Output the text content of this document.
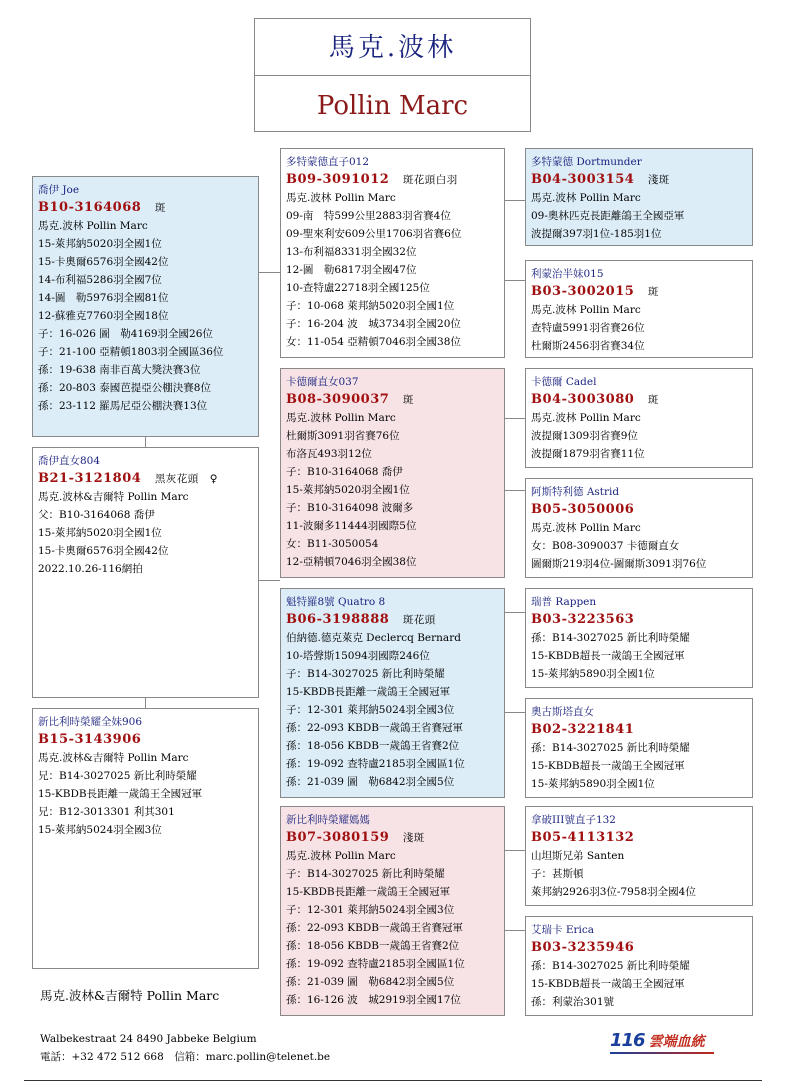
馬克.波林
Pollin Marc
喬伊 Joe
B10-3164068　 斑
馬克.波林 Pollin Marc
15-萊邦納5020羽全國1位
15-卡奧爾6576羽全國42位
14-布利福5286羽全國7位
14-圖　勒5976羽全國81位
12-蘇雅克7760羽全國18位
子：16-026 圖　勒4169羽全國26位
子：21-100 亞精頓1803羽全國區36位
孫：19-638 南非百萬大獎決賽3位
孫：20-803 泰國芭提亞公棚決賽8位
孫：23-112 羅馬尼亞公棚決賽13位
喬伊直女804
B21-3121804　 黑灰花頭　♀
馬克.波林&吉爾特 Pollin Marc
父：B10-3164068 喬伊
15-萊邦納5020羽全國1位
15-卡奧爾6576羽全國42位
2022.10.26-116網拍
新比利時榮耀全妹906
B15-3143906
馬克.波林&吉爾特 Pollin Marc
兄：B14-3027025 新比利時榮耀
15-KBDB長距離一歲鴿王全國冠軍
兄：B12-3013301 利其301
15-萊邦納5024羽全國3位
多特蒙德直子012
B09-3091012　 斑花頭白羽
馬克.波林 Pollin Marc
09-南　特599公里2883羽省賽4位
09-聖來利安609公里1706羽省賽6位
13-布利福8331羽全國32位
12-圖　勒6817羽全國47位
10-查特盧22718羽全國125位
子：10-068 萊邦納5020羽全國1位
子：16-204 波　城3734羽全國20位
女：11-054 亞精頓7046羽全國38位
卡德爾直女037
B08-3090037　 斑
馬克.波林 Pollin Marc
杜爾斯3091羽省賽76位
布洛瓦493羽12位
子：B10-3164068 喬伊
15-萊邦納5020羽全國1位
子：B10-3164098 波爾多
11-波爾多11444羽國際5位
女：B11-3050054
12-亞精頓7046羽全國38位
魁特羅8號 Quatro 8
B06-3198888　 斑花頭
伯納德.德克萊克 Declercq Bernard
10-塔聲斯15094羽國際246位
子：B14-3027025 新比利時榮耀
15-KBDB長距離一歲鴿王全國冠軍
子：12-301 萊邦納5024羽全國3位
孫：22-093 KBDB一歲鴿王省賽冠軍
孫：18-056 KBDB一歲鴿王省賽2位
孫：19-092 查特盧2185羽全國區1位
孫：21-039 圖　勒6842羽全國5位
新比利時榮耀媽媽
B07-3080159　 淺斑
馬克.波林 Pollin Marc
子：B14-3027025 新比利時榮耀
15-KBDB長距離一歲鴿王全國冠軍
子：12-301 萊邦納5024羽全國3位
孫：22-093 KBDB一歲鴿王省賽冠軍
孫：18-056 KBDB一歲鴿王省賽2位
孫：19-092 查特盧2185羽全國區1位
孫：21-039 圖　勒6842羽全國5位
孫：16-126 波　城2919羽全國17位
多特蒙德 Dortmunder
B04-3003154　 淺斑
馬克.波林 Pollin Marc
09-奧林匹克長距離鴿王全國亞軍
波提爾397羽1位-185羽1位
利蒙治半妹015
B03-3002015　 斑
馬克.波林 Pollin Marc
查特盧5991羽省賽26位
杜爾斯2456羽省賽34位
卡德爾 Cadel
B04-3003080　 斑
馬克.波林 Pollin Marc
波提爾1309羽省賽9位
波提爾1879羽省賽11位
阿斯特利德 Astrid
B05-3050006
馬克.波林 Pollin Marc
女：B08-3090037 卡德爾直女
圖爾斯219羽4位-圖爾斯3091羽76位
瑞普 Rappen
B03-3223563
孫：B14-3027025 新比利時榮耀
15-KBDB超長一歲鴿王全國冠軍
15-萊邦納5890羽全國1位
奧古斯塔直女
B02-3221841
孫：B14-3027025 新比利時榮耀
15-KBDB超長一歲鴿王全國冠軍
15-萊邦納5890羽全國1位
拿破III號直子132
B05-4113132
山坦斯兄弟 Santen
子：甚斯頓
萊邦納2926羽3位-7958羽全國4位
艾瑞卡 Erica
B03-3235946
孫：B14-3027025 新比利時榮耀
15-KBDB超長一歲鴿王全國冠軍
孫：利蒙治301號
馬克.波林&吉爾特 Pollin Marc
Walbekestraat 24 8490 Jabbeke Belgium
電話：+32 472 512 668　信箱：marc.pollin@telenet.be
116 雲端血統
